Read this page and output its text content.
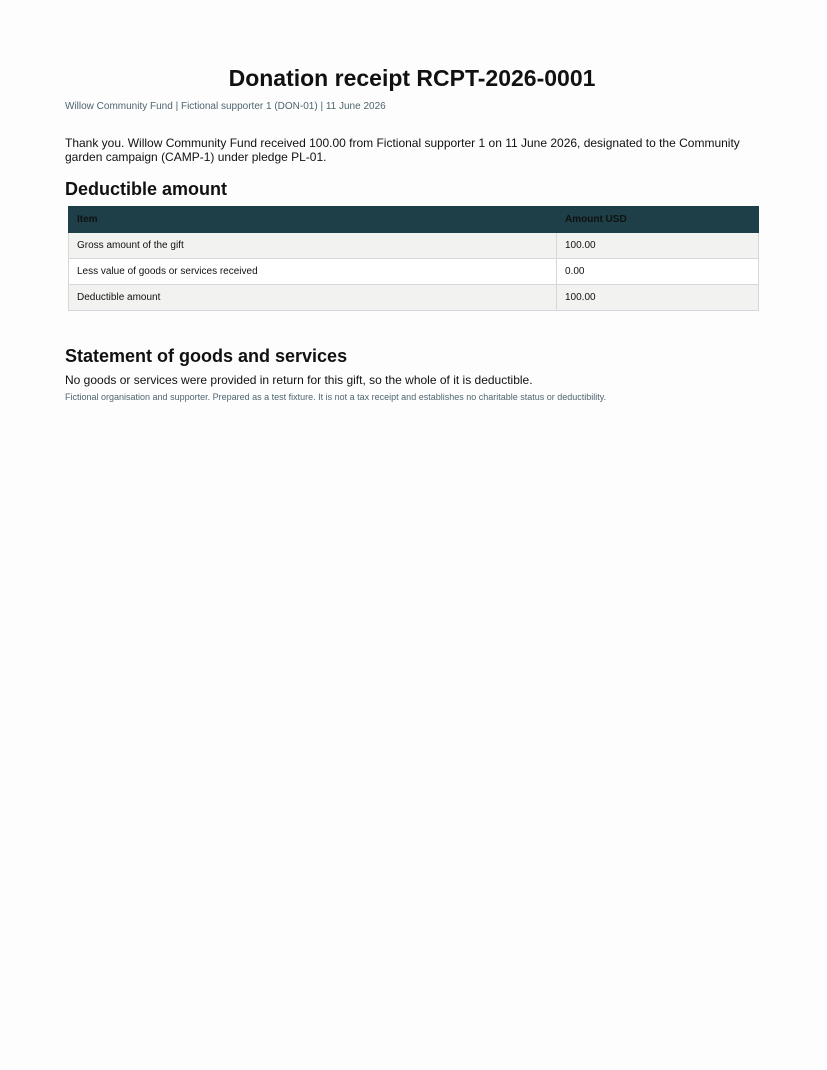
Donation receipt RCPT-2026-0001
Willow Community Fund | Fictional supporter 1 (DON-01) | 11 June 2026
Thank you. Willow Community Fund received 100.00 from Fictional supporter 1 on 11 June 2026, designated to the Community garden campaign (CAMP-1) under pledge PL-01.
Deductible amount
Item	Amount USD
Gross amount of the gift	100.00
Less value of goods or services received	0.00
Deductible amount	100.00
Statement of goods and services
No goods or services were provided in return for this gift, so the whole of it is deductible.
Fictional organisation and supporter. Prepared as a test fixture. It is not a tax receipt and establishes no charitable status or deductibility.
